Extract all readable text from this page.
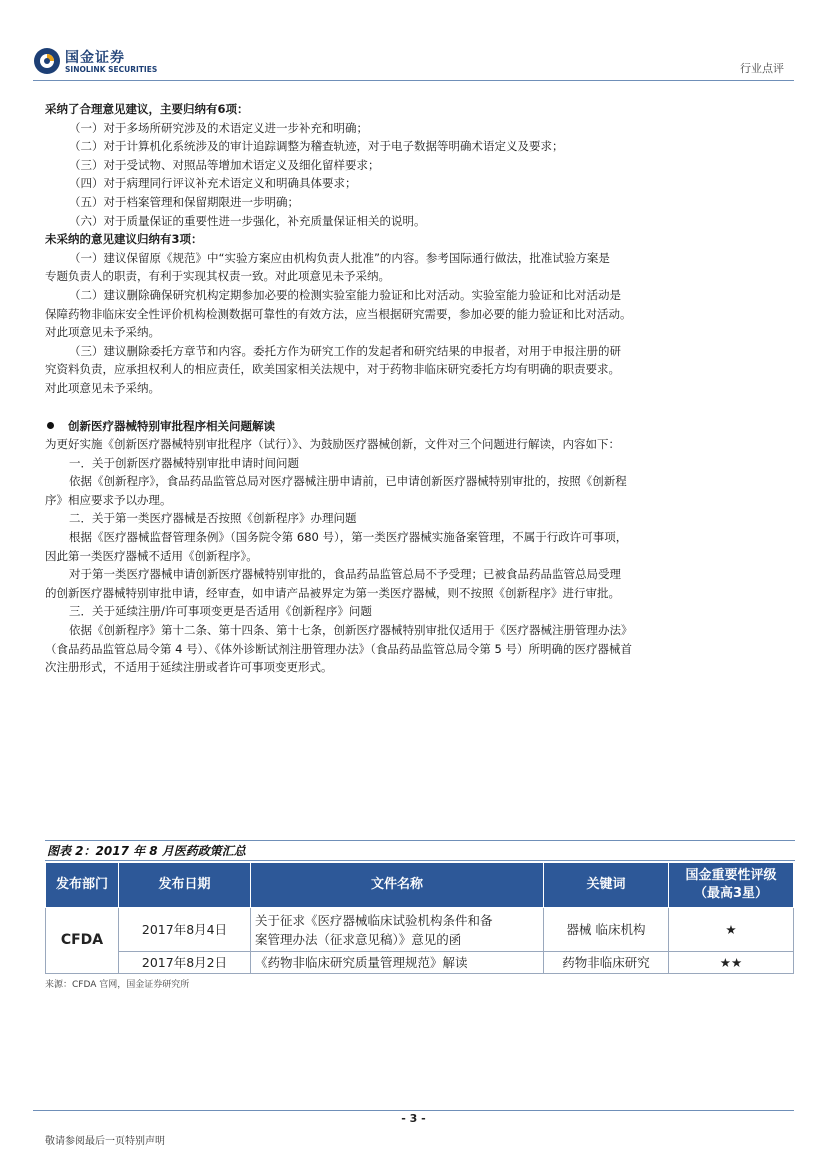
国金证券
SINOLINK SECURITIES	行业点评

采纳了合理意见建议，主要归纳有6项：

（一）对于多场所研究涉及的术语定义进一步补充和明确；

（二）对于计算机化系统涉及的审计追踪调整为稽查轨迹，对于电子数据等明确术语定义及要求；

（三）对于受试物、对照品等增加术语定义及细化留样要求；

（四）对于病理同行评议补充术语定义和明确具体要求；

（五）对于档案管理和保留期限进一步明确；

（六）对于质量保证的重要性进一步强化，补充质量保证相关的说明。

未采纳的意见建议归纳有3项：

（一）建议保留原《规范》中“实验方案应由机构负责人批准”的内容。参考国际通行做法，批准试验方案是

专题负责人的职责，有利于实现其权责一致。对此项意见未予采纳。

（二）建议删除确保研究机构定期参加必要的检测实验室能力验证和比对活动。实验室能力验证和比对活动是

保障药物非临床安全性评价机构检测数据可靠性的有效方法，应当根据研究需要，参加必要的能力验证和比对活动。

对此项意见未予采纳。

（三）建议删除委托方章节和内容。委托方作为研究工作的发起者和研究结果的申报者，对用于申报注册的研

究资料负责，应承担权利人的相应责任，欧美国家相关法规中，对于药物非临床研究委托方均有明确的职责要求。

对此项意见未予采纳。

创新医疗器械特别审批程序相关问题解读

为更好实施《创新医疗器械特别审批程序（试行）》、为鼓励医疗器械创新，文件对三个问题进行解读，内容如下：

一．关于创新医疗器械特别审批申请时间问题

依据《创新程序》，食品药品监管总局对医疗器械注册申请前，已申请创新医疗器械特别审批的，按照《创新程

序》相应要求予以办理。

二．关于第一类医疗器械是否按照《创新程序》办理问题

根据《医疗器械监督管理条例》（国务院令第 680 号），第一类医疗器械实施备案管理，不属于行政许可事项，

因此第一类医疗器械不适用《创新程序》。

对于第一类医疗器械申请创新医疗器械特别审批的，食品药品监管总局不予受理；已被食品药品监管总局受理

的创新医疗器械特别审批申请，经审查，如申请产品被界定为第一类医疗器械，则不按照《创新程序》进行审批。

三．关于延续注册/许可事项变更是否适用《创新程序》问题

依据《创新程序》第十二条、第十四条、第十七条，创新医疗器械特别审批仅适用于《医疗器械注册管理办法》

（食品药品监管总局令第 4 号）、《体外诊断试剂注册管理办法》（食品药品监管总局令第 5 号）所明确的医疗器械首

次注册形式，不适用于延续注册或者许可事项变更形式。

图表 2：2017 年 8 月医药政策汇总
发布部门	发布日期	文件名称	关键词	国金重要性评级
（最高3星）
CFDA	2017年8月4日	关于征求《医疗器械临床试验机构条件和备
案管理办法（征求意见稿）》意见的函	器械 临床机构	★
	2017年8月2日	《药物非临床研究质量管理规范》解读	药物非临床研究	★★
来源：CFDA 官网，国金证券研究所
- 3 -
敬请参阅最后一页特别声明
